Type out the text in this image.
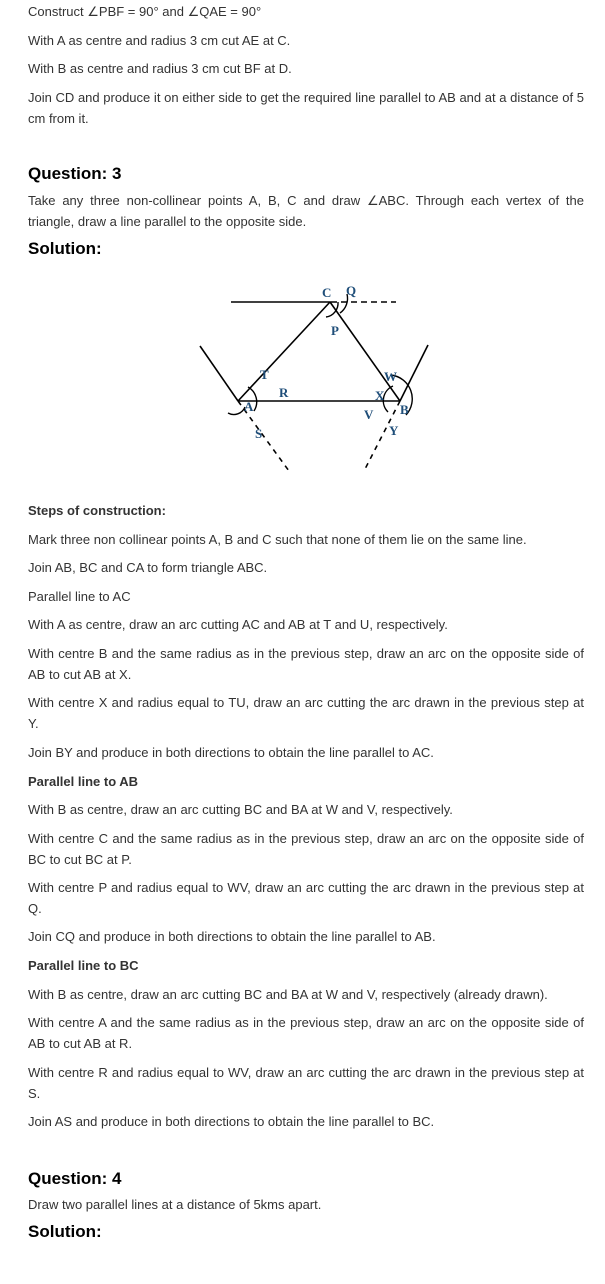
Construct ∠PBF = 90° and ∠QAE = 90°

With A as centre and radius 3 cm cut AE at C.

With B as centre and radius 3 cm cut BF at D.

Join CD and produce it on either side to get the required line parallel to AB and at a distance of 5 cm from it.

Question: 3

Take any three non-collinear points A, B, C and draw ∠ABC. Through each vertex of the triangle, draw a line parallel to the opposite side.

Solution:
C Q
P
T
R
A
S
W
X
V B
Y

Steps of construction:

Mark three non collinear points A, B and C such that none of them lie on the same line.

Join AB, BC and CA to form triangle ABC.

Parallel line to AC

With A as centre, draw an arc cutting AC and AB at T and U, respectively.

With centre B and the same radius as in the previous step, draw an arc on the opposite side of AB to cut AB at X.

With centre X and radius equal to TU, draw an arc cutting the arc drawn in the previous step at Y.

Join BY and produce in both directions to obtain the line parallel to AC.

Parallel line to AB

With B as centre, draw an arc cutting BC and BA at W and V, respectively.

With centre C and the same radius as in the previous step, draw an arc on the opposite side of BC to cut BC at P.

With centre P and radius equal to WV, draw an arc cutting the arc drawn in the previous step at Q.

Join CQ and produce in both directions to obtain the line parallel to AB.

Parallel line to BC

With B as centre, draw an arc cutting BC and BA at W and V, respectively (already drawn).

With centre A and the same radius as in the previous step, draw an arc on the opposite side of AB to cut AB at R.

With centre R and radius equal to WV, draw an arc cutting the arc drawn in the previous step at S.

Join AS and produce in both directions to obtain the line parallel to BC.

Question: 4

Draw two parallel lines at a distance of 5kms apart.

Solution:
